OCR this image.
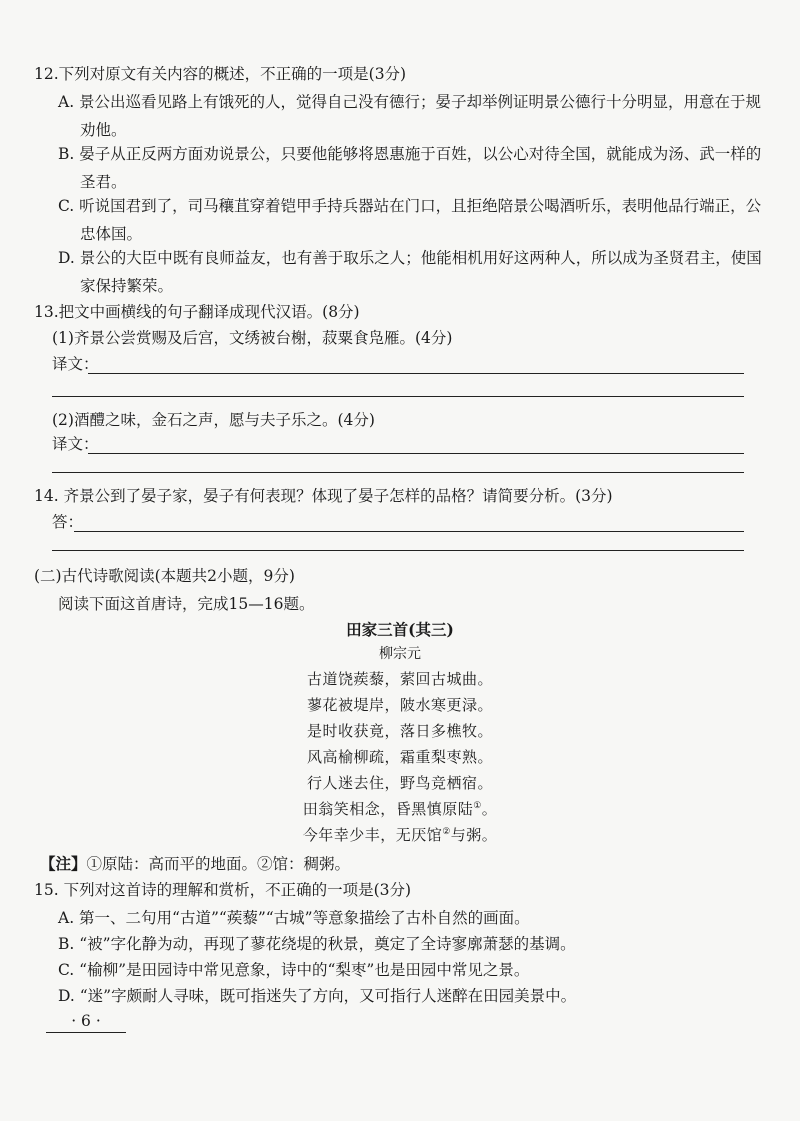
12.下列对原文有关内容的概述，不正确的一项是(3分)
A. 景公出巡看见路上有饿死的人，觉得自己没有德行；晏子却举例证明景公德行十分明显，用意在于规
劝他。
B. 晏子从正反两方面劝说景公，只要他能够将恩惠施于百姓，以公心对待全国，就能成为汤、武一样的
圣君。
C. 听说国君到了，司马穰苴穿着铠甲手持兵器站在门口，且拒绝陪景公喝酒听乐，表明他品行端正，公
忠体国。
D. 景公的大臣中既有良师益友，也有善于取乐之人；他能相机用好这两种人，所以成为圣贤君主，使国
家保持繁荣。
13.把文中画横线的句子翻译成现代汉语。(8分)
(1)齐景公尝赏赐及后宫，文绣被台榭，菽粟食凫雁。(4分)
译文：
(2)酒醴之味，金石之声，愿与夫子乐之。(4分)
译文：
14. 齐景公到了晏子家，晏子有何表现？体现了晏子怎样的品格？请简要分析。(3分)
答：
(二)古代诗歌阅读(本题共2小题，9分)
阅读下面这首唐诗，完成15—16题。
田家三首(其三)
柳宗元
古道饶蒺藜，萦回古城曲。
蓼花被堤岸，陂水寒更渌。
是时收获竟，落日多樵牧。
风高榆柳疏，霜重梨枣熟。
行人迷去住，野鸟竞栖宿。
田翁笑相念，昏黑慎原陆①。
今年幸少丰，无厌馆②与粥。
【注】①原陆：高而平的地面。②馆：稠粥。
15. 下列对这首诗的理解和赏析，不正确的一项是(3分)
A. 第一、二句用“古道”“蒺藜”“古城”等意象描绘了古朴自然的画面。
B. “被”字化静为动，再现了蓼花绕堤的秋景，奠定了全诗寥廓萧瑟的基调。
C. “榆柳”是田园诗中常见意象，诗中的“梨枣”也是田园中常见之景。
D. “迷”字颇耐人寻味，既可指迷失了方向，又可指行人迷醉在田园美景中。
· 6 ·
